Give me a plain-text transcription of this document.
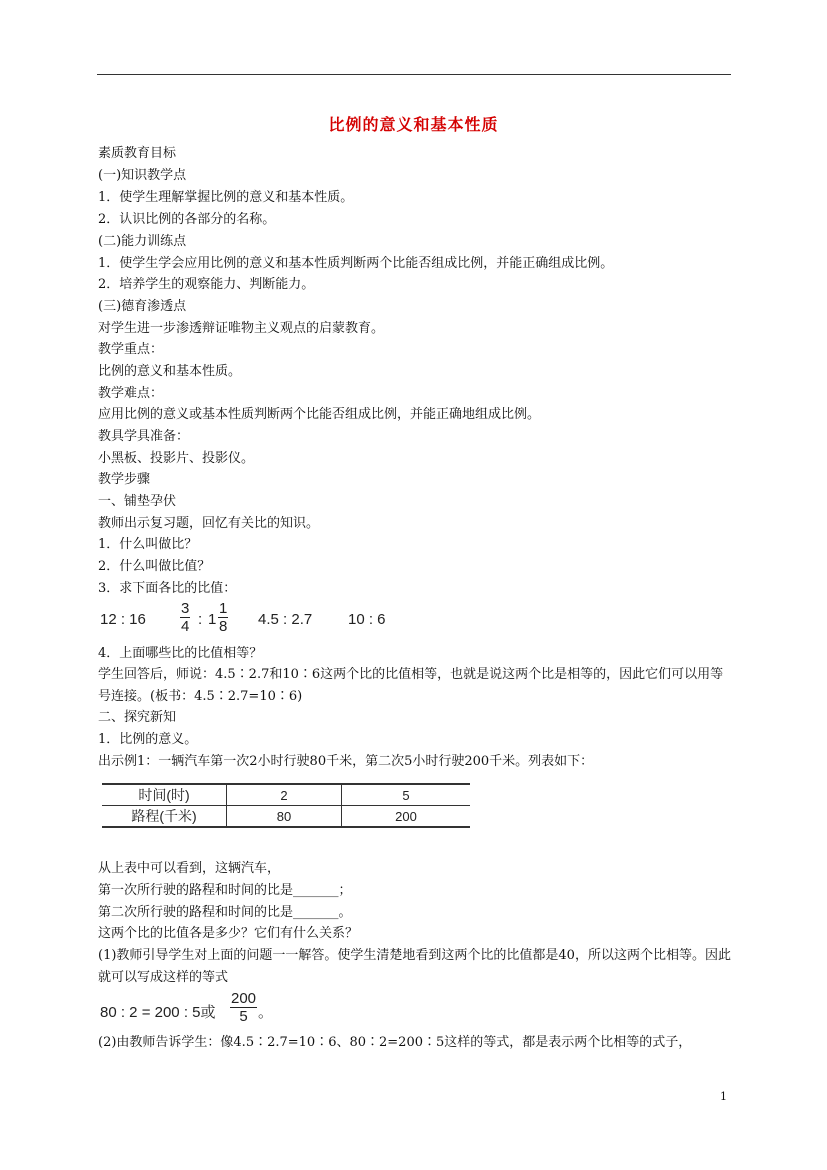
比例的意义和基本性质
素质教育目标
(一)知识教学点
1．使学生理解掌握比例的意义和基本性质。
2．认识比例的各部分的名称。
(二)能力训练点
1．使学生学会应用比例的意义和基本性质判断两个比能否组成比例，并能正确组成比例。
2．培养学生的观察能力、判断能力。
(三)德育渗透点
对学生进一步渗透辩证唯物主义观点的启蒙教育。
教学重点：
比例的意义和基本性质。
教学难点：
应用比例的意义或基本性质判断两个比能否组成比例，并能正确地组成比例。
教具学具准备：
小黑板、投影片、投影仪。
教学步骤
一、铺垫孕伏
教师出示复习题，回忆有关比的知识。
1．什么叫做比？
2．什么叫做比值？
3．求下面各比的比值：
12 : $16 \frac{3}{4}$ : $1 \frac{1}{8} 4.5$ : 2.7 10 : 6
4．上面哪些比的比值相等？
学生回答后，师说：4.5∶2.7和10∶6这两个比的比值相等，也就是说这两个比是相等的，因此它们可以用等号连接。(板书：4.5∶2.7=10∶6)
二、探究新知
1．比例的意义。
出示例1：一辆汽车第一次2小时行驶80千米，第二次5小时行驶200千米。列表如下：
时间(时)	2	5
路程(千米)	80	200
从上表中可以看到，这辆汽车，
第一次所行驶的路程和时间的比是_______；
第二次所行驶的路程和时间的比是_______。
这两个比的比值各是多少？它们有什么关系？
(1)教师引导学生对上面的问题一一解答。使学生清楚地看到这两个比的比值都是40，所以这两个比相等。因此就可以写成这样的等式
80 : 2 = 200 : 5或 $\frac{200}{5}$ 。
(2)由教师告诉学生：像4.5∶2.7=10∶6、80∶2=200∶5这样的等式，都是表示两个比相等的式子，
1
